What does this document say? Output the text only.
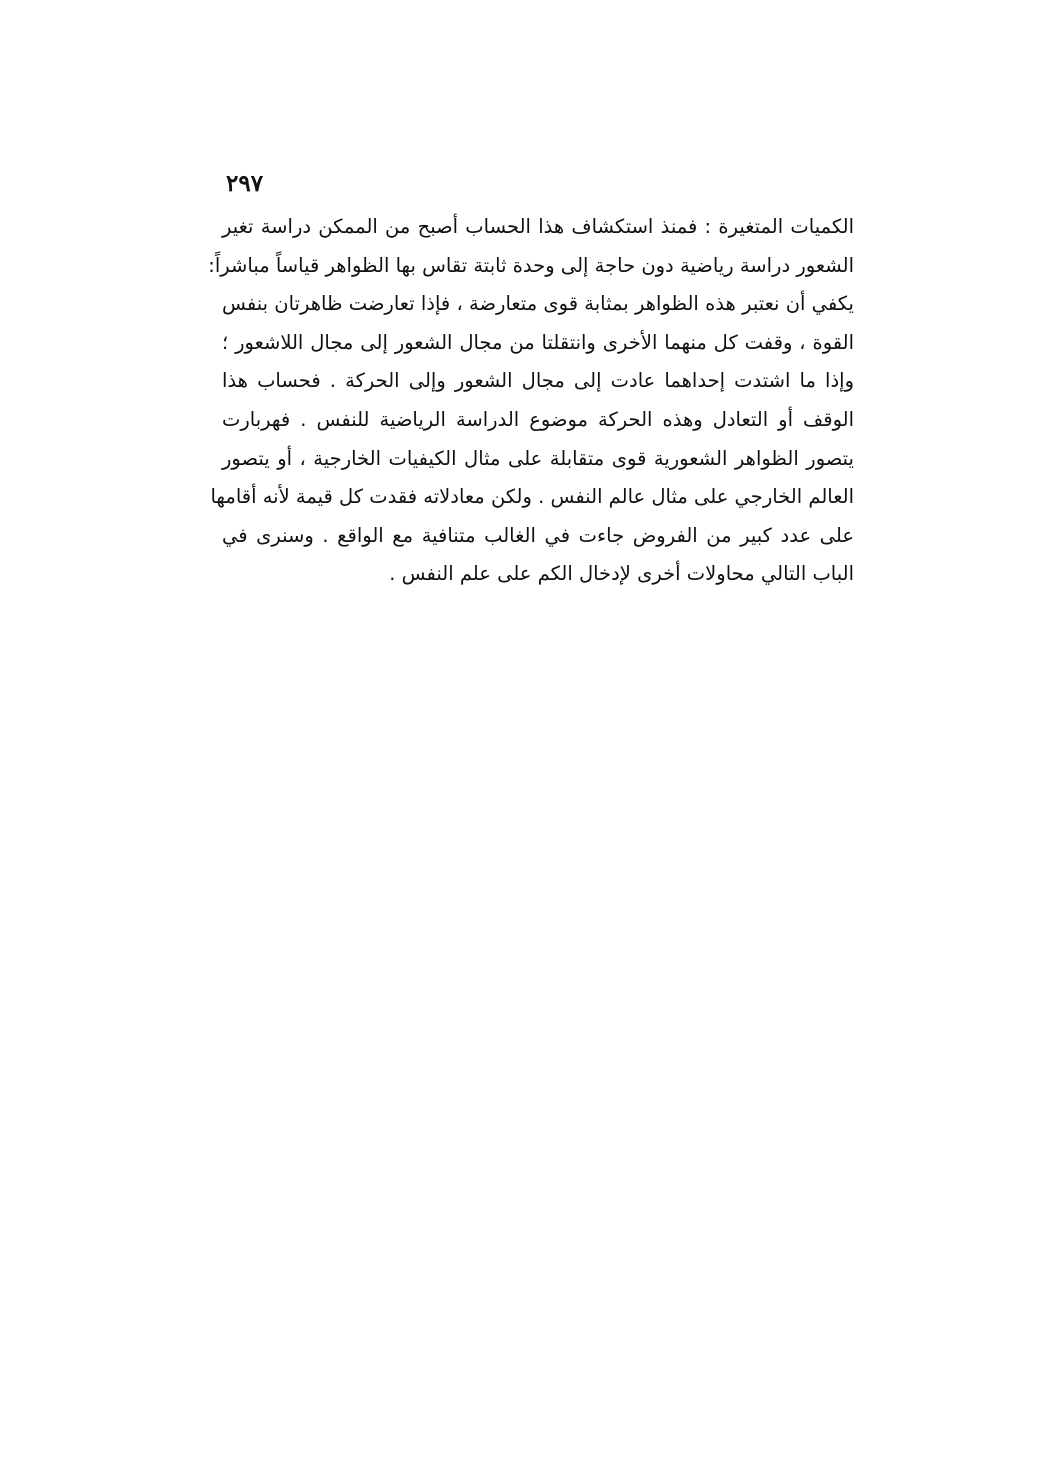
٢٩٧
الكميات المتغيرة : فمنذ استكشاف هذا الحساب أصبح من الممكن دراسة تغير
الشعور دراسة رياضية دون حاجة إلى وحدة ثابتة تقاس بها الظواهر قياساً مباشراً:
يكفي أن نعتبر هذه الظواهر بمثابة قوى متعارضة ، فإذا تعارضت ظاهرتان بنفس
القوة ، وقفت كل منهما الأخرى وانتقلتا من مجال الشعور إلى مجال اللاشعور ؛
وإذا ما اشتدت إحداهما عادت إلى مجال الشعور وإلى الحركة . فحساب هذا
الوقف أو التعادل وهذه الحركة موضوع الدراسة الرياضية للنفس . فهربارت
يتصور الظواهر الشعورية قوى متقابلة على مثال الكيفيات الخارجية ، أو يتصور
العالم الخارجي على مثال عالم النفس . ولكن معادلاته فقدت كل قيمة لأنه أقامها
على عدد كبير من الفروض جاءت في الغالب متنافية مع الواقع . وسنرى في
الباب التالي محاولات أخرى لإدخال الكم على علم النفس .
